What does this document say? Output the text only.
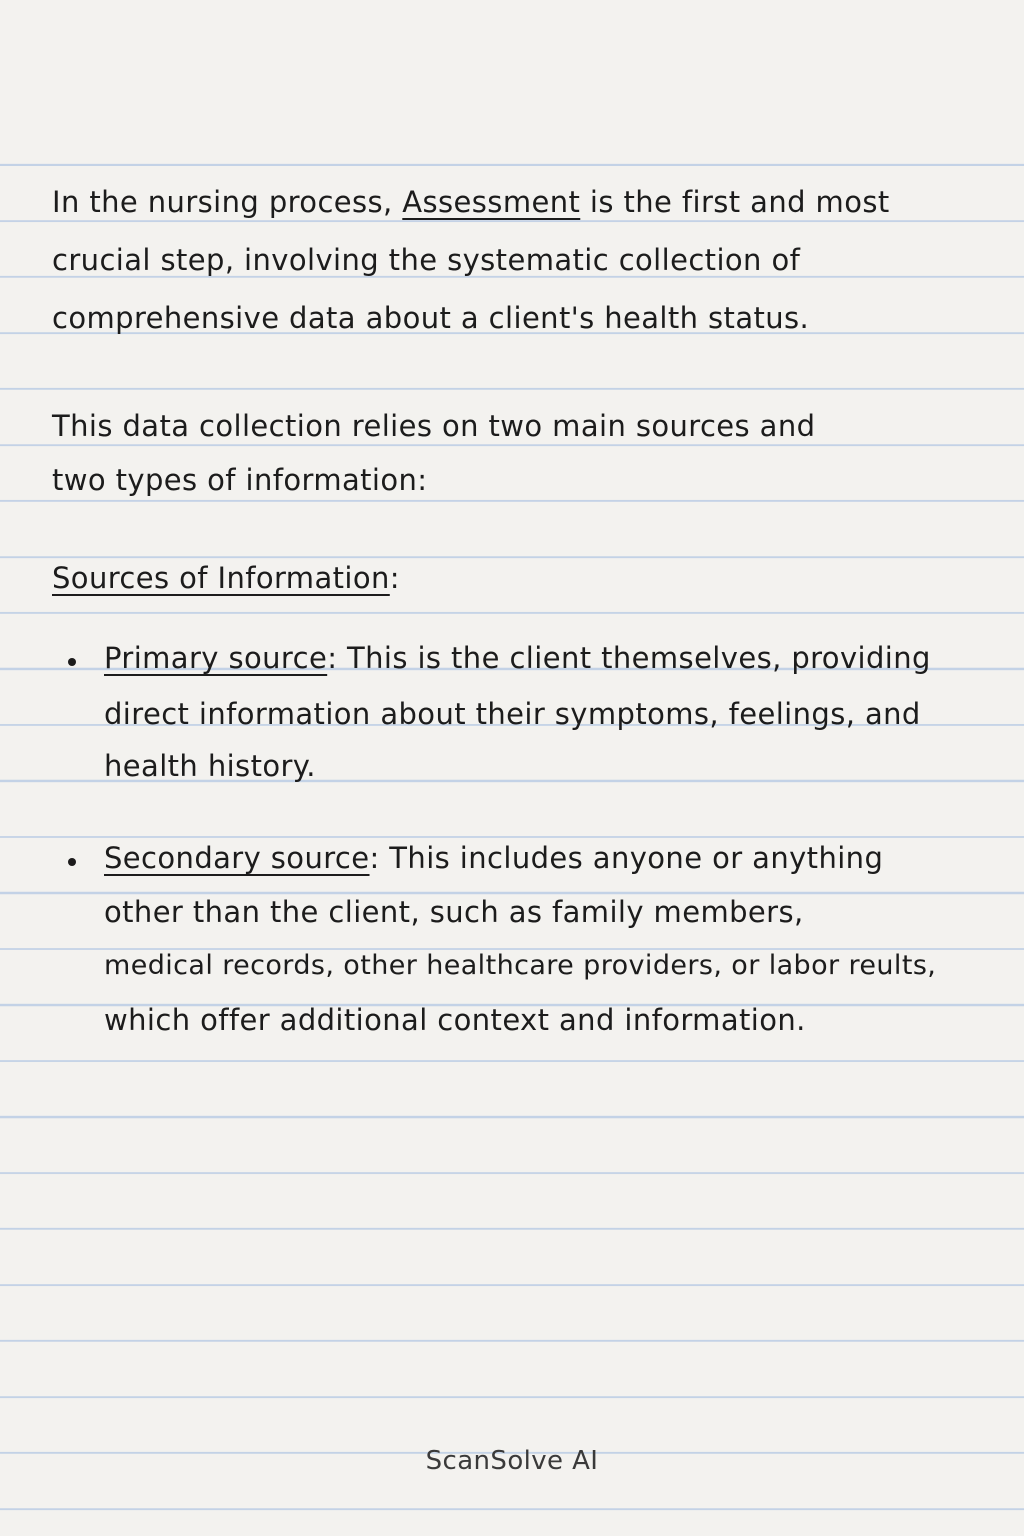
In the nursing process, Assessment is the first and most
crucial step, involving the systematic collection of
comprehensive data about a client's health status.
This data collection relies on two main sources and
two types of information:
Sources of Information:
Primary source: This is the client themselves, providing
direct information about their symptoms, feelings, and
health history.
Secondary source: This includes anyone or anything
other than the client, such as family members,
medical records, other healthcare providers, or labor reults,
which offer additional context and information.
ScanSolve AI
